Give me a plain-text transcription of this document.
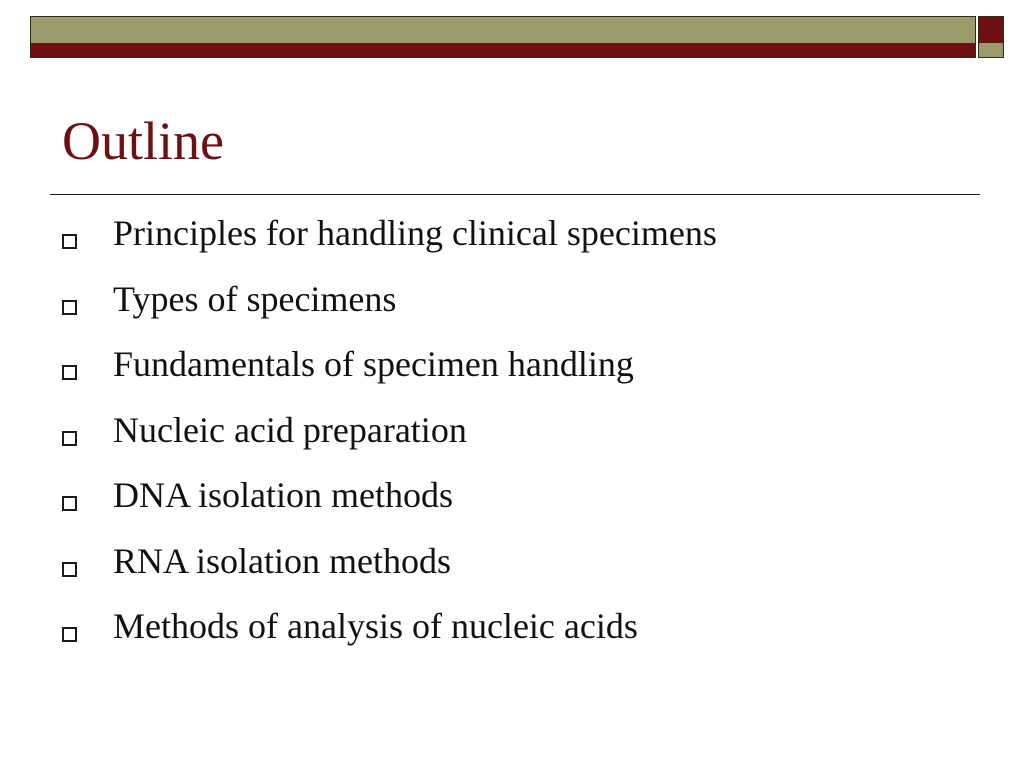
Outline
Principles for handling clinical specimens
Types of specimens
Fundamentals of specimen handling
Nucleic acid preparation
DNA isolation methods
RNA isolation methods
Methods of analysis of nucleic acids
